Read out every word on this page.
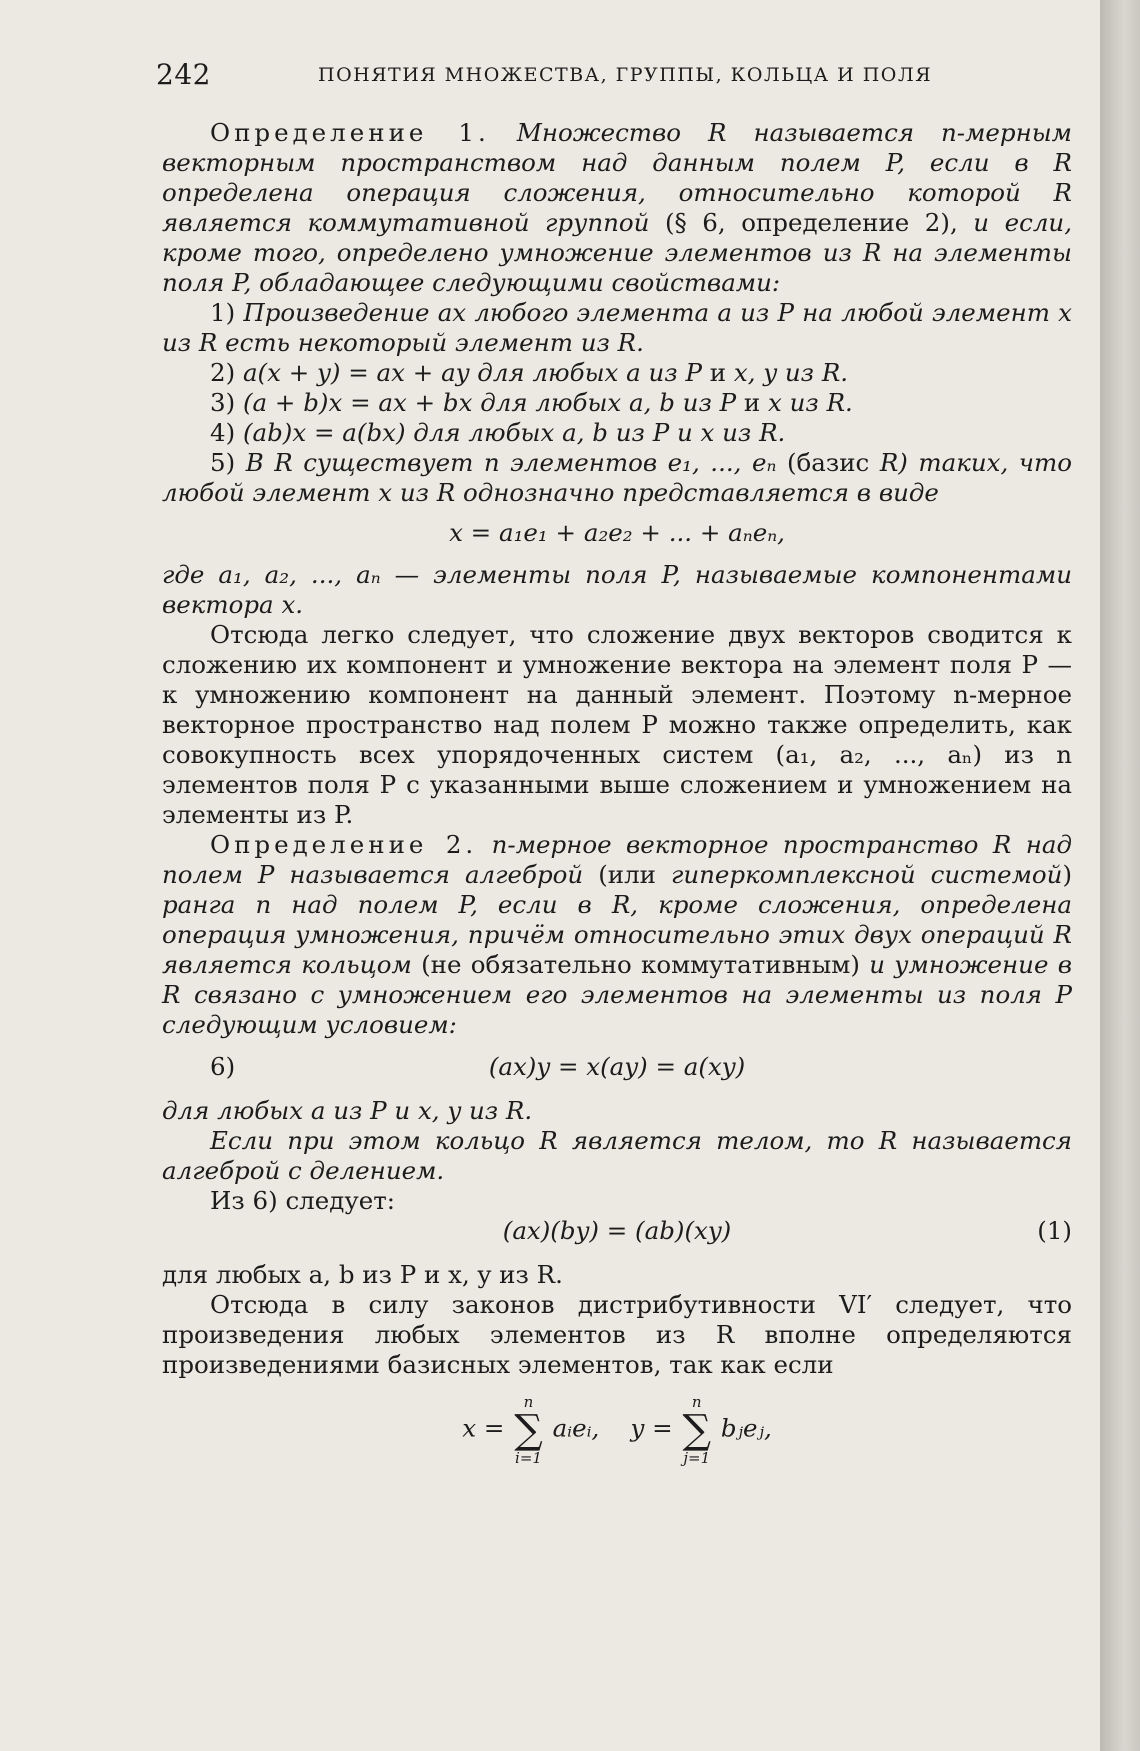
242	ПОНЯТИЯ МНОЖЕСТВА, ГРУППЫ, КОЛЬЦА И ПОЛЯ

Определение 1. Множество R называется n-мерным векторным пространством над данным полем P, если в R определена операция сложения, относительно которой R является коммутативной группой (§ 6, определение 2), и если, кроме того, определено умножение элементов из R на элементы поля P, обладающее следующими свойствами:

1) Произведение ax любого элемента a из P на любой элемент x из R есть некоторый элемент из R.

2) a(x + y) = ax + ay для любых a из P и x, y из R.

3) (a + b)x = ax + bx для любых a, b из P и x из R.

4) (ab)x = a(bx) для любых a, b из P и x из R.

5) В R существует n элементов e₁, ..., eₙ (базис R) таких, что любой элемент x из R однозначно представляется в виде

x = a₁e₁ + a₂e₂ + ... + aₙeₙ,

где a₁, a₂, ..., aₙ — элементы поля P, называемые компонентами вектора x.

Отсюда легко следует, что сложение двух векторов сводится к сложению их компонент и умножение вектора на элемент поля P — к умножению компонент на данный элемент. Поэтому n-мерное векторное пространство над полем P можно также определить, как совокупность всех упорядоченных систем (a₁, a₂, ..., aₙ) из n элементов поля P с указанными выше сложением и умножением на элементы из P.

Определение 2. n-мерное векторное пространство R над полем P называется алгеброй (или гиперкомплексной системой) ранга n над полем P, если в R, кроме сложения, определена операция умножения, причём относительно этих двух операций R является кольцом (не обязательно коммутативным) и умножение в R связано с умножением его элементов на элементы из поля P следующим условием:

6)	(ax)y = x(ay) = a(xy)

для любых a из P и x, y из R.

Если при этом кольцо R является телом, то R называется алгеброй с делением.

Из 6) следует:

(ax)(by) = (ab)(xy)	(1)

для любых a, b из P и x, y из R.

Отсюда в силу законов дистрибутивности VI′ следует, что произведения любых элементов из R вполне определяются произведениями базисных элементов, так как если

x = n
∑
i=1 aᵢeᵢ, y = n
∑
j=1 bⱼeⱼ,
